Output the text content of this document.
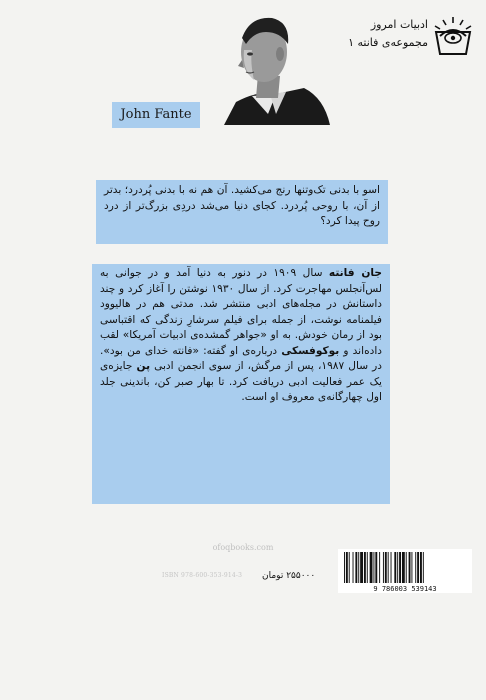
ادبیات امروز
مجموعه‌ی فانته ۱
John Fante

اسو با بدنی تک‌وتنها رنج می‌کشید. آن هم نه با بدنی پُردرد؛ بدتر از آن، با روحی پُردرد. کجای دنیا می‌شد دردِی بزرگ‌تر از درد روح پیدا کرد؟

جان فانته سال ۱۹۰۹ در دنور به دنیا آمد و در جوانی به لس‌آنجلس مهاجرت کرد. از سال ۱۹۳۰ نوشتن را آغاز کرد و چند داستانش در مجله‌های ادبی منتشر شد. مدتی هم در هالیوود فیلمنامه نوشت، از جمله برای فیلم سرشارِ زندگی که اقتباسی بود از رمان خودش. به او «جواهر گمشده‌ی ادبیات آمریکا» لقب داده‌اند و بوکوفسکی درباره‌ی او گفته: «فانته خدای من بود». در سال ۱۹۸۷، پس از مرگش، از سوی انجمن ادبی پن جایزه‌ی یک عمر فعالیت ادبی دریافت کرد. تا بهار صبر کن، باندینی جلد اول چهارگانه‌ی معروف او است.

ofoqbooks.com
ISBN 978-600-353-914-3 ۲۵۵۰۰۰ تومان
9 786003 539143
